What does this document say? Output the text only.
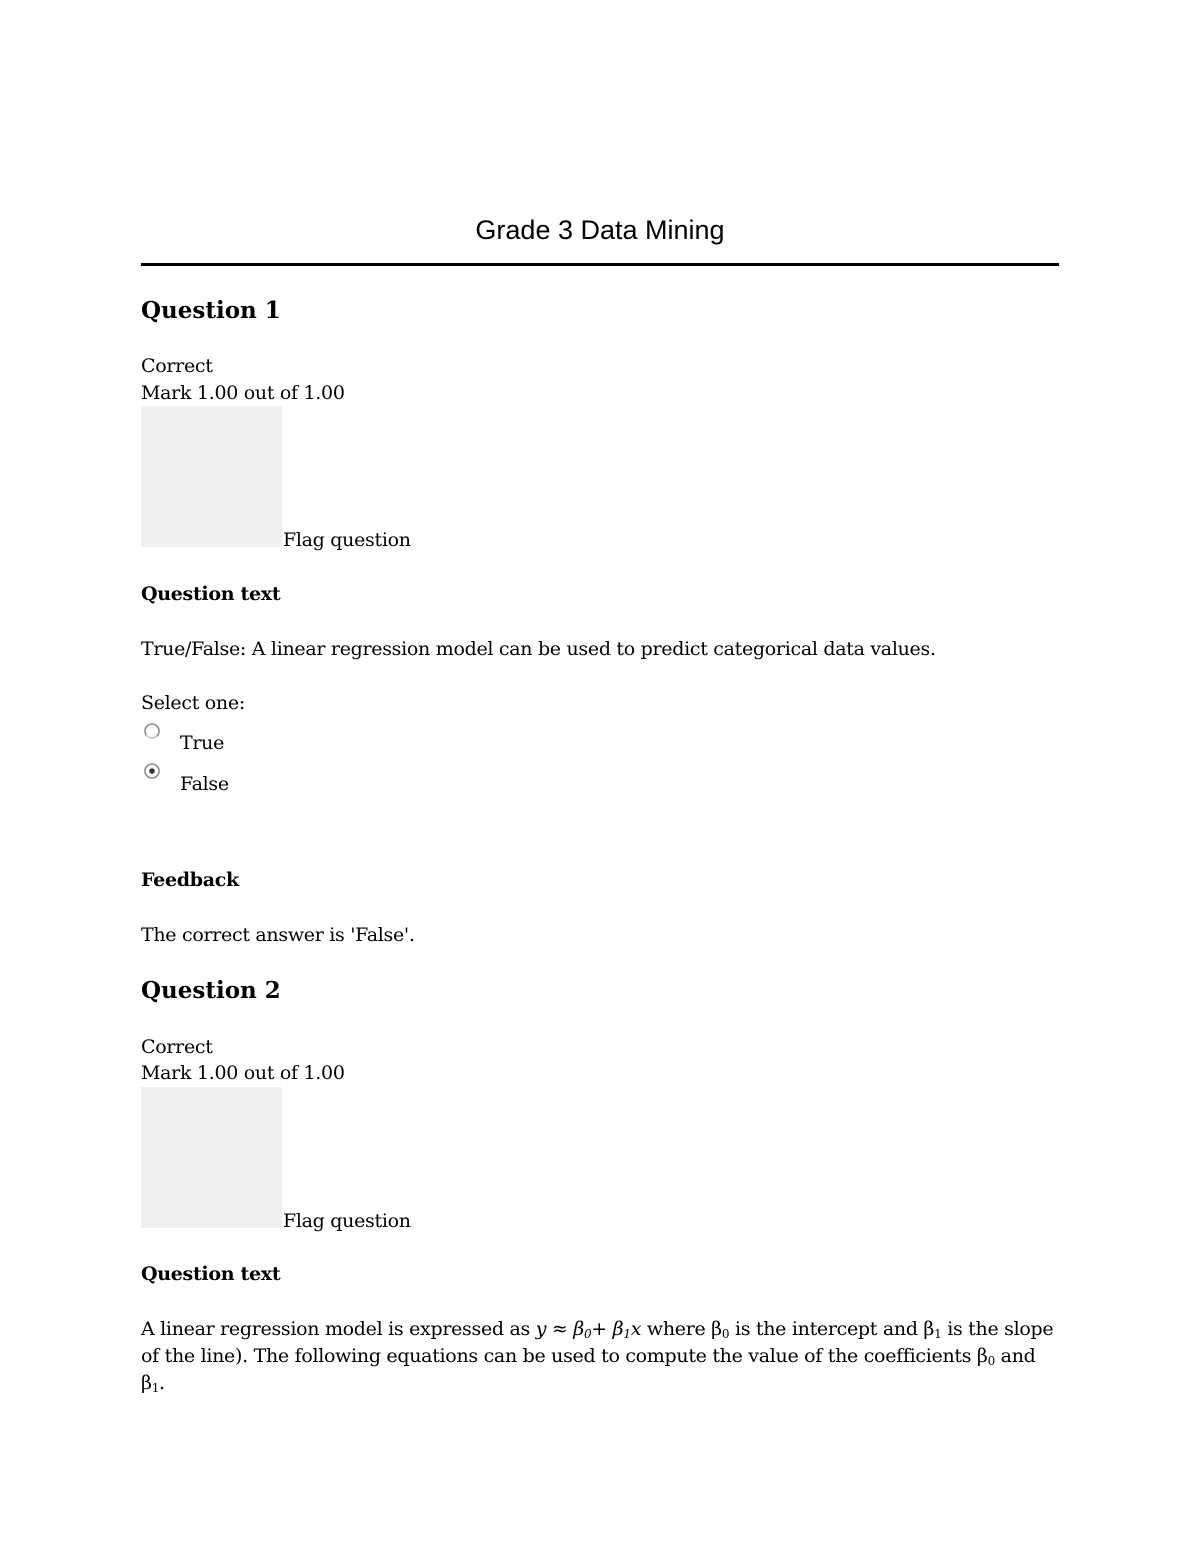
Grade 3 Data Mining
Question 1
Correct
Mark 1.00 out of 1.00
Flag question
Question text
True/False: A linear regression model can be used to predict categorical data values.
Select one:
True
False
Feedback
The correct answer is 'False'.
Question 2
Correct
Mark 1.00 out of 1.00
Flag question
Question text
A linear regression model is expressed as $y \approx \beta_0+ \beta_1x$ where $\beta_0$ is the intercept and $\beta_1$ is the slope of the line). The following equations can be used to compute the value of the coefficients $\beta_0$ and $\beta_1$.
